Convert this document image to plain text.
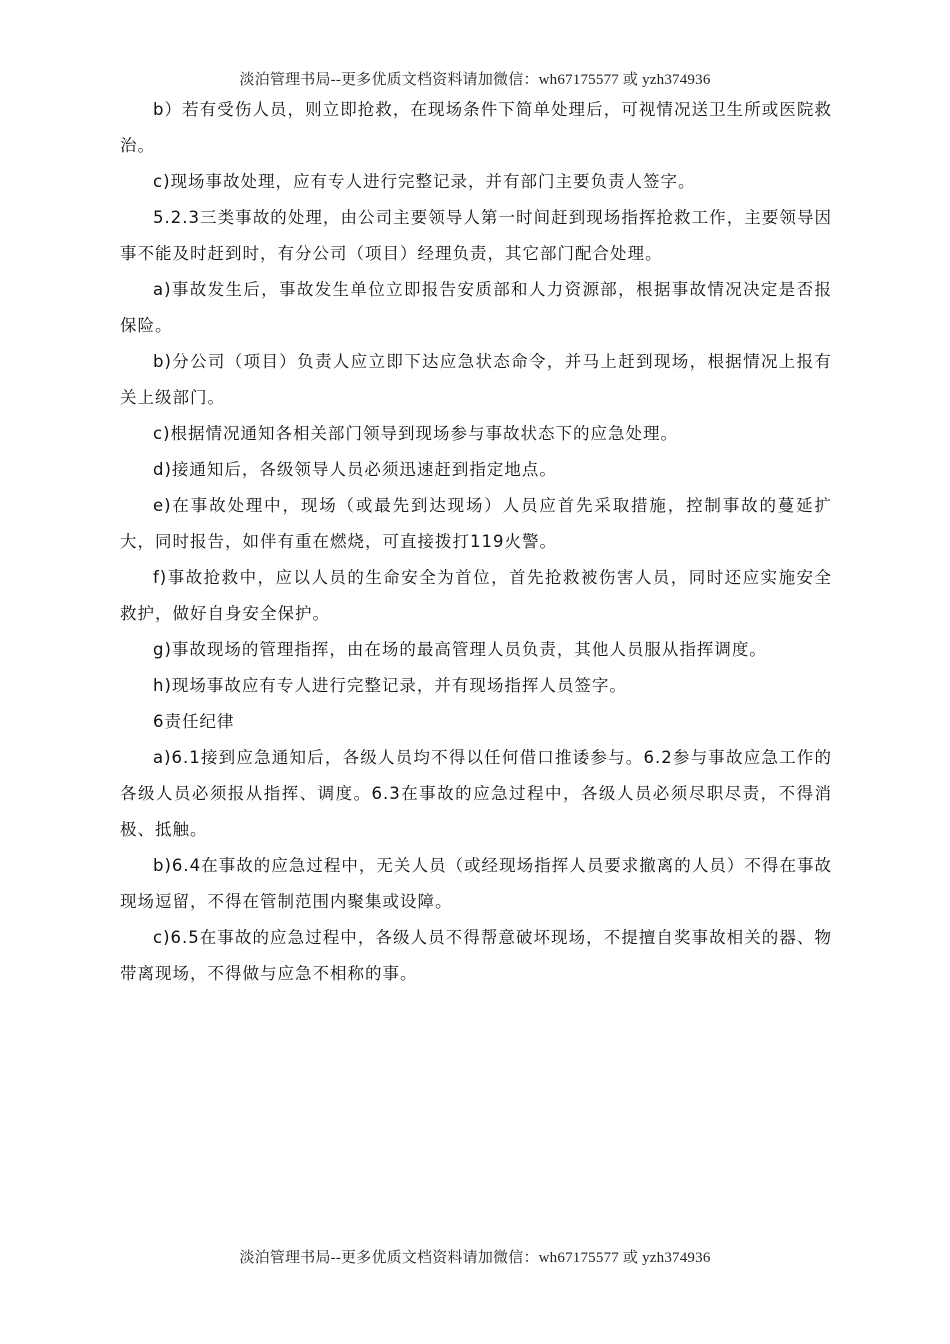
淡泊管理书局--更多优质文档资料请加微信：wh67175577 或 yzh374936

b）若有受伤人员，则立即抢救，在现场条件下简单处理后，可视情况送卫生所或医院救治。

c)现场事故处理，应有专人进行完整记录，并有部门主要负责人签字。

5.2.3三类事故的处理，由公司主要领导人第一时间赶到现场指挥抢救工作，主要领导因事不能及时赶到时，有分公司（项目）经理负责，其它部门配合处理。

a)事故发生后，事故发生单位立即报告安质部和人力资源部，根据事故情况决定是否报保险。

b)分公司（项目）负责人应立即下达应急状态命令，并马上赶到现场，根据情况上报有关上级部门。

c)根据情况通知各相关部门领导到现场参与事故状态下的应急处理。

d)接通知后，各级领导人员必须迅速赶到指定地点。

e)在事故处理中，现场（或最先到达现场）人员应首先采取措施，控制事故的蔓延扩大，同时报告，如伴有重在燃烧，可直接拨打119火警。

f)事故抢救中，应以人员的生命安全为首位，首先抢救被伤害人员，同时还应实施安全救护，做好自身安全保护。

g)事故现场的管理指挥，由在场的最高管理人员负责，其他人员服从指挥调度。

h)现场事故应有专人进行完整记录，并有现场指挥人员签字。

6责任纪律

a)6.1接到应急通知后，各级人员均不得以任何借口推诿参与。6.2参与事故应急工作的各级人员必须报从指挥、调度。6.3在事故的应急过程中，各级人员必须尽职尽责，不得消极、抵触。

b)6.4在事故的应急过程中，无关人员（或经现场指挥人员要求撤离的人员）不得在事故现场逗留，不得在管制范围内聚集或设障。

c)6.5在事故的应急过程中，各级人员不得帮意破坏现场，不提擅自奖事故相关的器、物带离现场，不得做与应急不相称的事。

淡泊管理书局--更多优质文档资料请加微信：wh67175577 或 yzh374936
